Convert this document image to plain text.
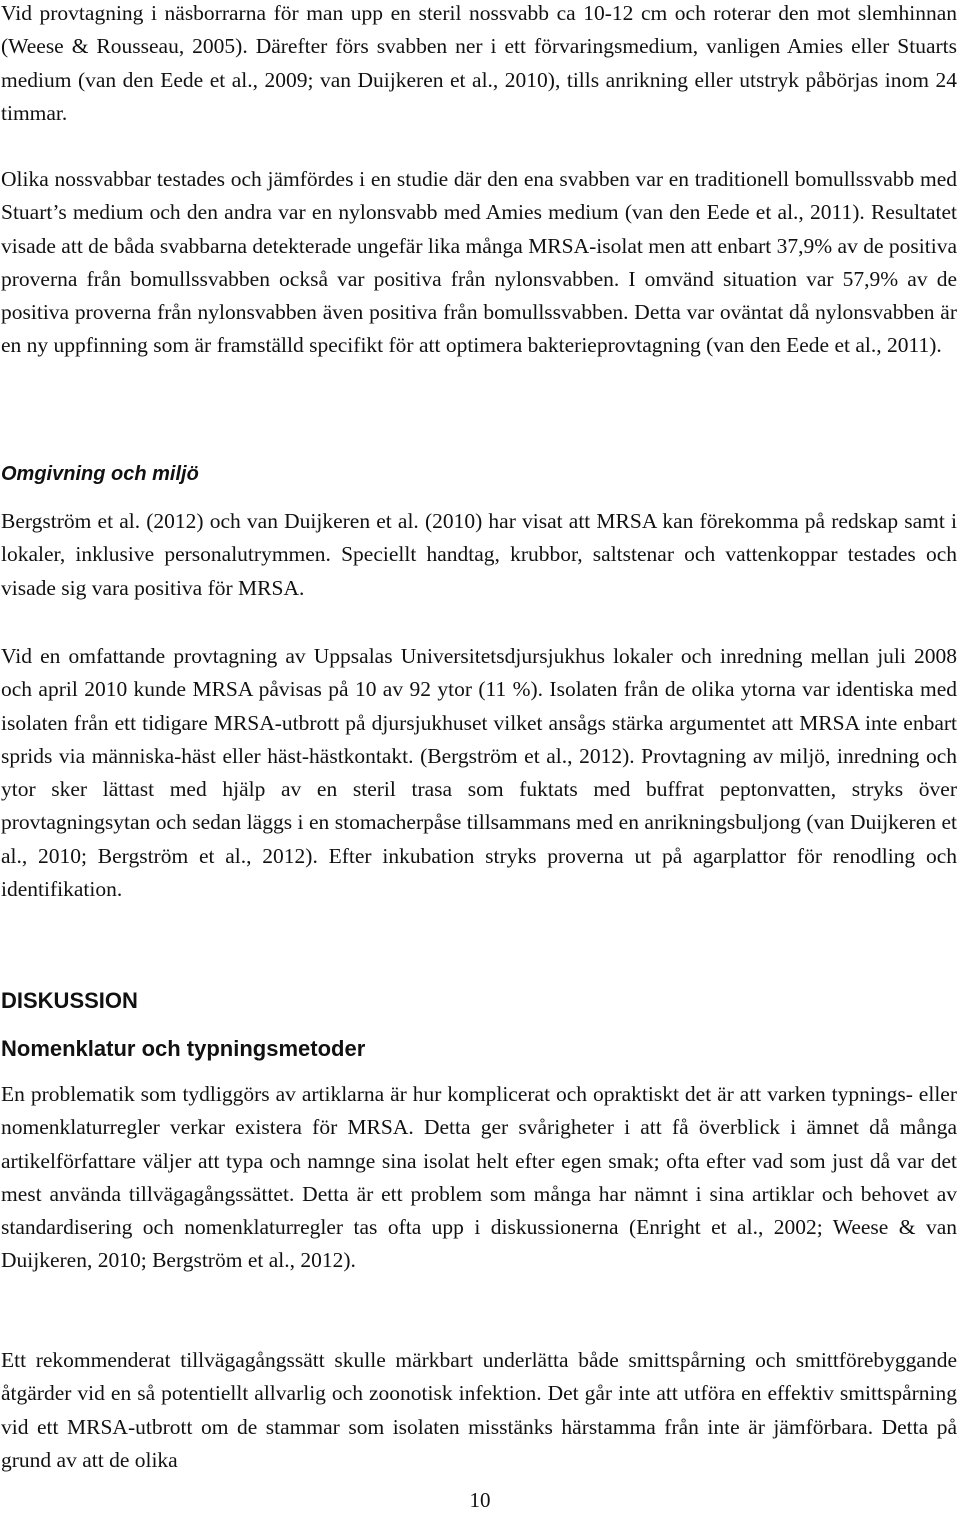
Vid provtagning i näsborrarna för man upp en steril nossvabb ca 10-12 cm och roterar den mot slemhinnan (Weese & Rousseau, 2005). Därefter förs svabben ner i ett förvaringsmedium, vanligen Amies eller Stuarts medium (van den Eede et al., 2009; van Duijkeren et al., 2010), tills anrikning eller utstryk påbörjas inom 24 timmar.

Olika nossvabbar testades och jämfördes i en studie där den ena svabben var en traditionell bomullssvabb med Stuart’s medium och den andra var en nylonsvabb med Amies medium (van den Eede et al., 2011). Resultatet visade att de båda svabbarna detekterade ungefär lika många MRSA-isolat men att enbart 37,9% av de positiva proverna från bomullssvabben också var positiva från nylonsvabben. I omvänd situation var 57,9% av de positiva proverna från nylonsvabben även positiva från bomullssvabben. Detta var oväntat då nylonsvabben är en ny uppfinning som är framställd specifikt för att optimera bakterieprovtagning (van den Eede et al., 2011).

Omgivning och miljö

Bergström et al. (2012) och van Duijkeren et al. (2010) har visat att MRSA kan förekomma på redskap samt i lokaler, inklusive personalutrymmen. Speciellt handtag, krubbor, saltstenar och vattenkoppar testades och visade sig vara positiva för MRSA.

Vid en omfattande provtagning av Uppsalas Universitetsdjursjukhus lokaler och inredning mellan juli 2008 och april 2010 kunde MRSA påvisas på 10 av 92 ytor (11 %). Isolaten från de olika ytorna var identiska med isolaten från ett tidigare MRSA-utbrott på djursjukhuset vilket ansågs stärka argumentet att MRSA inte enbart sprids via människa-häst eller häst-hästkontakt. (Bergström et al., 2012). Provtagning av miljö, inredning och ytor sker lättast med hjälp av en steril trasa som fuktats med buffrat peptonvatten, stryks över provtagningsytan och sedan läggs i en stomacherpåse tillsammans med en anrikningsbuljong (van Duijkeren et al., 2010; Bergström et al., 2012). Efter inkubation stryks proverna ut på agarplattor för renodling och identifikation.

DISKUSSION
Nomenklatur och typningsmetoder

En problematik som tydliggörs av artiklarna är hur komplicerat och opraktiskt det är att varken typnings- eller nomenklaturregler verkar existera för MRSA. Detta ger svårigheter i att få överblick i ämnet då många artikelförfattare väljer att typa och namnge sina isolat helt efter egen smak; ofta efter vad som just då var det mest använda tillvägagångssättet. Detta är ett problem som många har nämnt i sina artiklar och behovet av standardisering och nomenklaturregler tas ofta upp i diskussionerna (Enright et al., 2002; Weese & van Duijkeren, 2010; Bergström et al., 2012).

Ett rekommenderat tillvägagångssätt skulle märkbart underlätta både smittspårning och smittförebyggande åtgärder vid en så potentiellt allvarlig och zoonotisk infektion. Det går inte att utföra en effektiv smittspårning vid ett MRSA-utbrott om de stammar som isolaten misstänks härstamma från inte är jämförbara. Detta på grund av att de olika

10
